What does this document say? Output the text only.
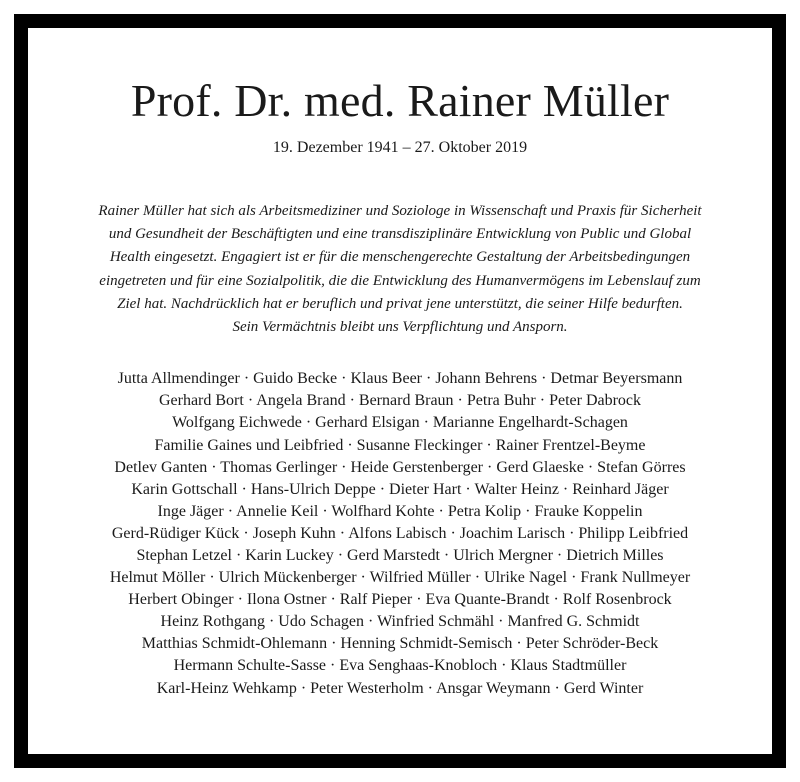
Prof. Dr. med. Rainer Müller
19. Dezember 1941 – 27. Oktober 2019

Rainer Müller hat sich als Arbeitsmediziner und Soziologe in Wissenschaft und Praxis für Sicherheit
und Gesundheit der Beschäftigten und eine transdisziplinäre Entwicklung von Public und Global
Health eingesetzt. Engagiert ist er für die menschengerechte Gestaltung der Arbeitsbedingungen
eingetreten und für eine Sozialpolitik, die die Entwicklung des Humanvermögens im Lebenslauf zum
Ziel hat. Nachdrücklich hat er beruflich und privat jene unterstützt, die seiner Hilfe bedurften.
Sein Vermächtnis bleibt uns Verpflichtung und Ansporn.

Jutta Allmendinger · Guido Becke · Klaus Beer · Johann Behrens · Detmar Beyersmann
Gerhard Bort · Angela Brand · Bernard Braun · Petra Buhr · Peter Dabrock
Wolfgang Eichwede · Gerhard Elsigan · Marianne Engelhardt-Schagen
Familie Gaines und Leibfried · Susanne Fleckinger · Rainer Frentzel-Beyme
Detlev Ganten · Thomas Gerlinger · Heide Gerstenberger · Gerd Glaeske · Stefan Görres
Karin Gottschall · Hans-Ulrich Deppe · Dieter Hart · Walter Heinz · Reinhard Jäger
Inge Jäger · Annelie Keil · Wolfhard Kohte · Petra Kolip · Frauke Koppelin
Gerd-Rüdiger Kück · Joseph Kuhn · Alfons Labisch · Joachim Larisch · Philipp Leibfried
Stephan Letzel · Karin Luckey · Gerd Marstedt · Ulrich Mergner · Dietrich Milles
Helmut Möller · Ulrich Mückenberger · Wilfried Müller · Ulrike Nagel · Frank Nullmeyer
Herbert Obinger · Ilona Ostner · Ralf Pieper · Eva Quante-Brandt · Rolf Rosenbrock
Heinz Rothgang · Udo Schagen · Winfried Schmähl · Manfred G. Schmidt
Matthias Schmidt-Ohlemann · Henning Schmidt-Semisch · Peter Schröder-Beck
Hermann Schulte-Sasse · Eva Senghaas-Knobloch · Klaus Stadtmüller
Karl-Heinz Wehkamp · Peter Westerholm · Ansgar Weymann · Gerd Winter
